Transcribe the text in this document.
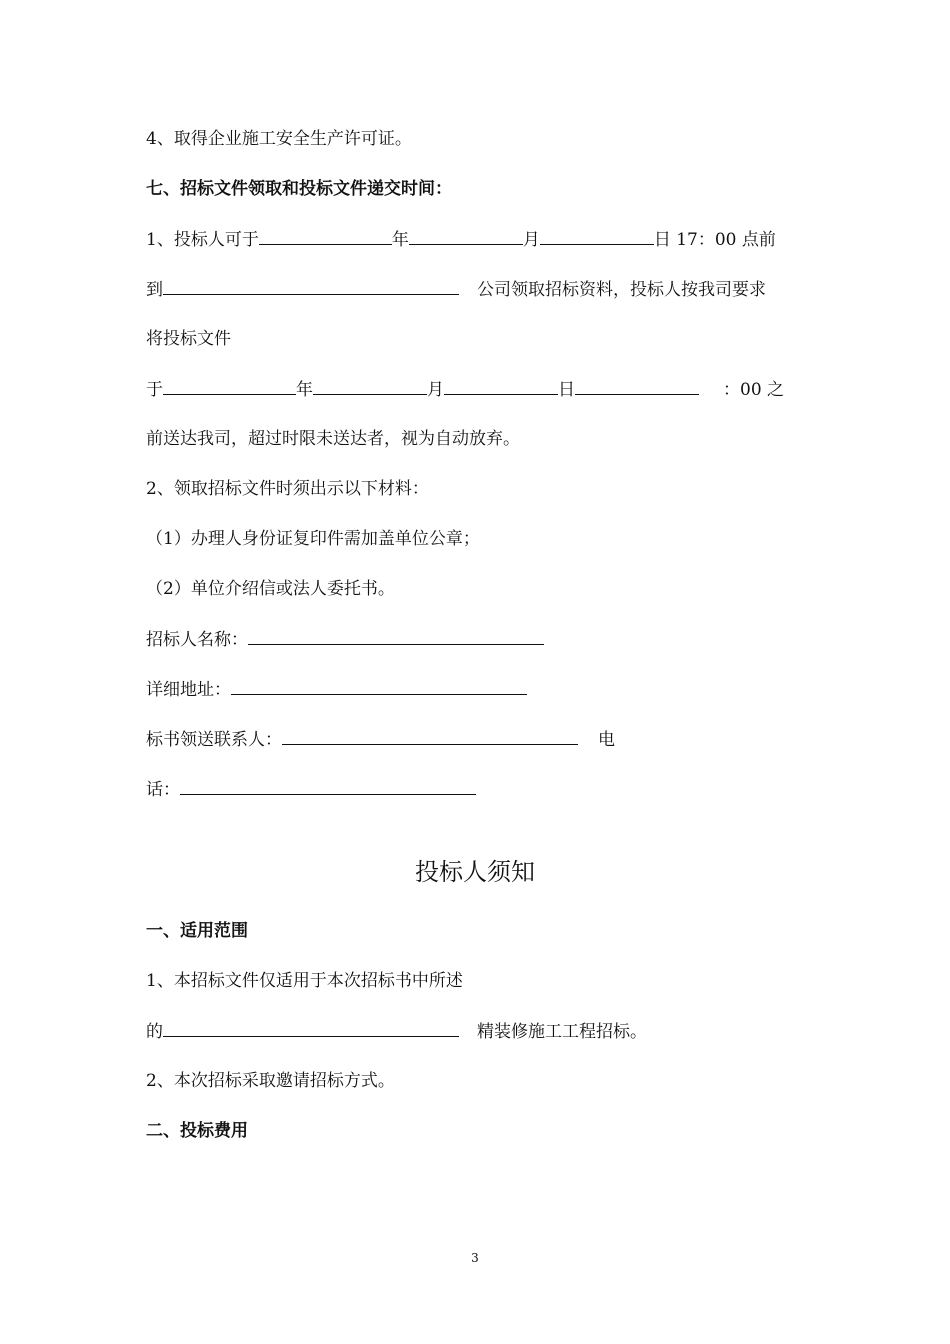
4、取得企业施工安全生产许可证。
七、招标文件领取和投标文件递交时间：
1、投标人可于	年	月	日 17：00 点前
到	公司领取招标资料，投标人按我司要求
将投标文件
于	年	月	日	：00 之
前送达我司，超过时限未送达者，视为自动放弃。
2、领取招标文件时须出示以下材料：
（1）办理人身份证复印件需加盖单位公章；
（2）单位介绍信或法人委托书。
招标人名称：
详细地址：
标书领送联系人：	电
话：
投标人须知
一、适用范围
1、本招标文件仅适用于本次招标书中所述
的	精装修施工工程招标。
2、本次招标采取邀请招标方式。
二、投标费用
3
